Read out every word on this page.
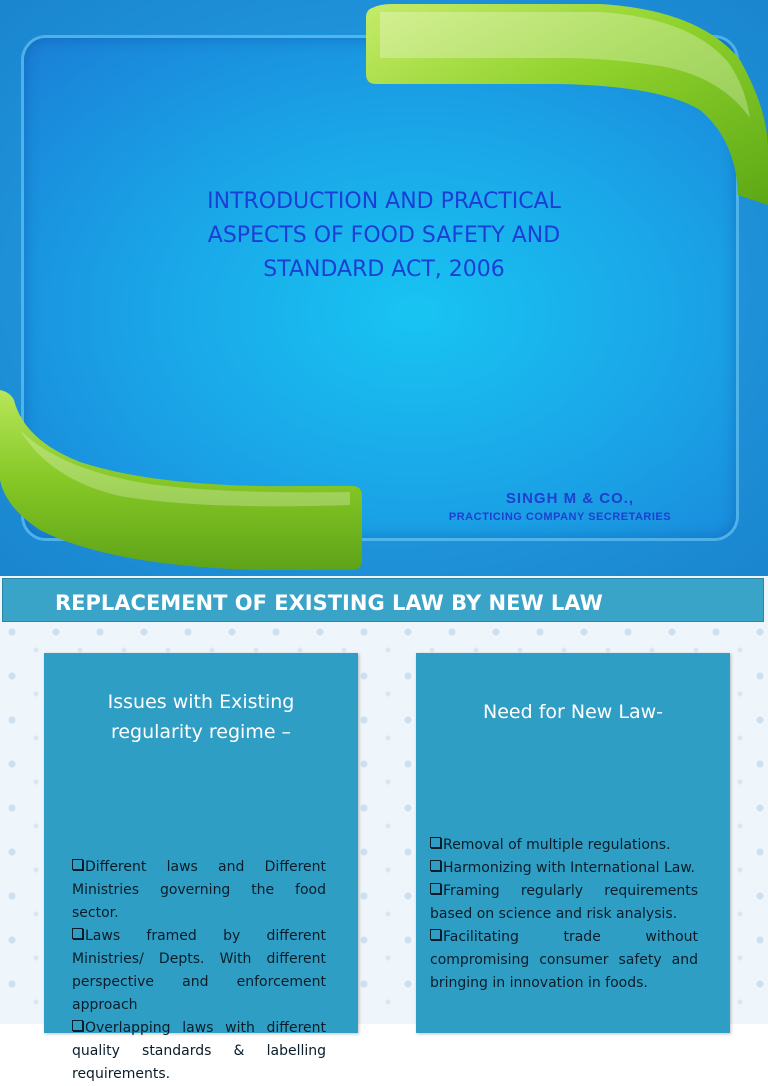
INTRODUCTION AND PRACTICAL
ASPECTS OF FOOD SAFETY AND
STANDARD ACT, 2006
SINGH M & CO.,
PRACTICING COMPANY SECRETARIES
REPLACEMENT OF EXISTING LAW BY NEW LAW
Issues with Existing
regularity regime –

Different laws and Different Ministries governing the food sector.

Laws framed by different Ministries/ Depts. With different perspective and enforcement approach

Overlapping laws with different quality standards & labelling requirements.

Need for New Law-

Removal of multiple regulations.

Harmonizing with International Law.

Framing regularly requirements based on science and risk analysis.

Facilitating trade without compromising consumer safety and bringing in innovation in foods.
